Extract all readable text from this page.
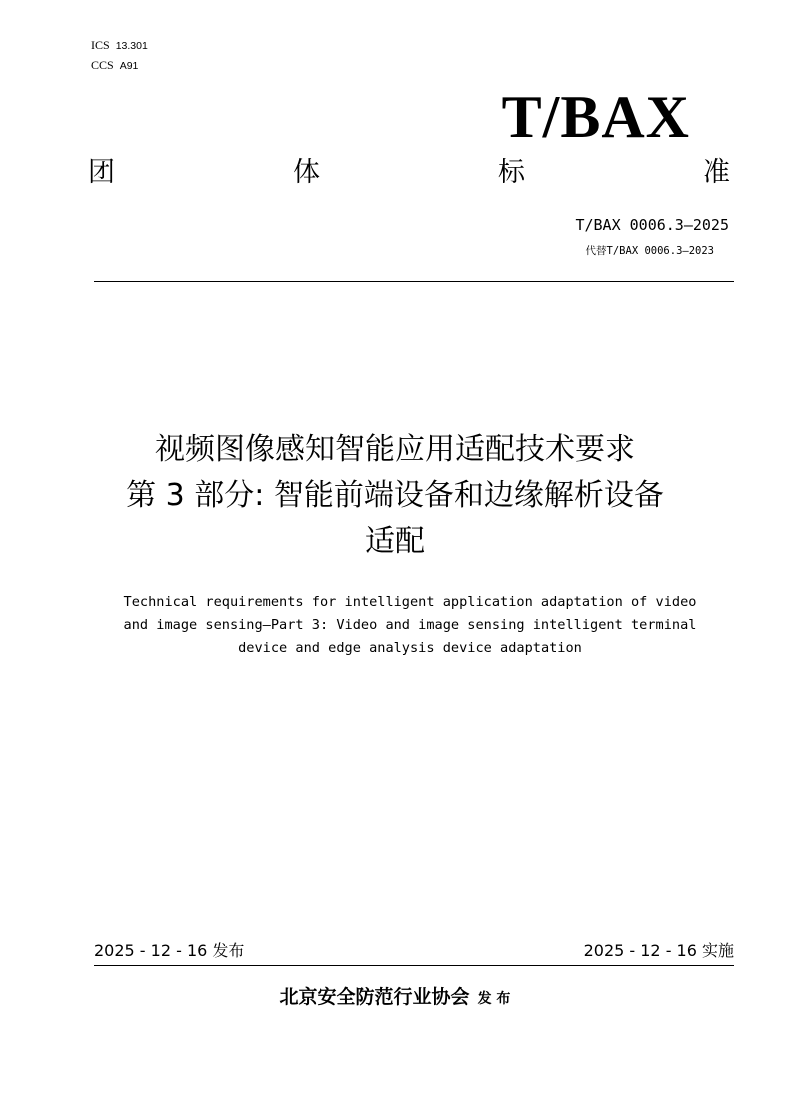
ICS 13.301
CCS A91
T/BAX
团	体	标	准
T/BAX 0006.3—2025
代替T/BAX 0006.3—2023
视频图像感知智能应用适配技术要求
第 3 部分: 智能前端设备和边缘解析设备
适配
Technical requirements for intelligent application adaptation of video
and image sensing—Part 3: Video and image sensing intelligent terminal
device and edge analysis device adaptation
2025 - 12 - 16 发布	2025 - 12 - 16 实施
北京安全防范行业协会 发 布
